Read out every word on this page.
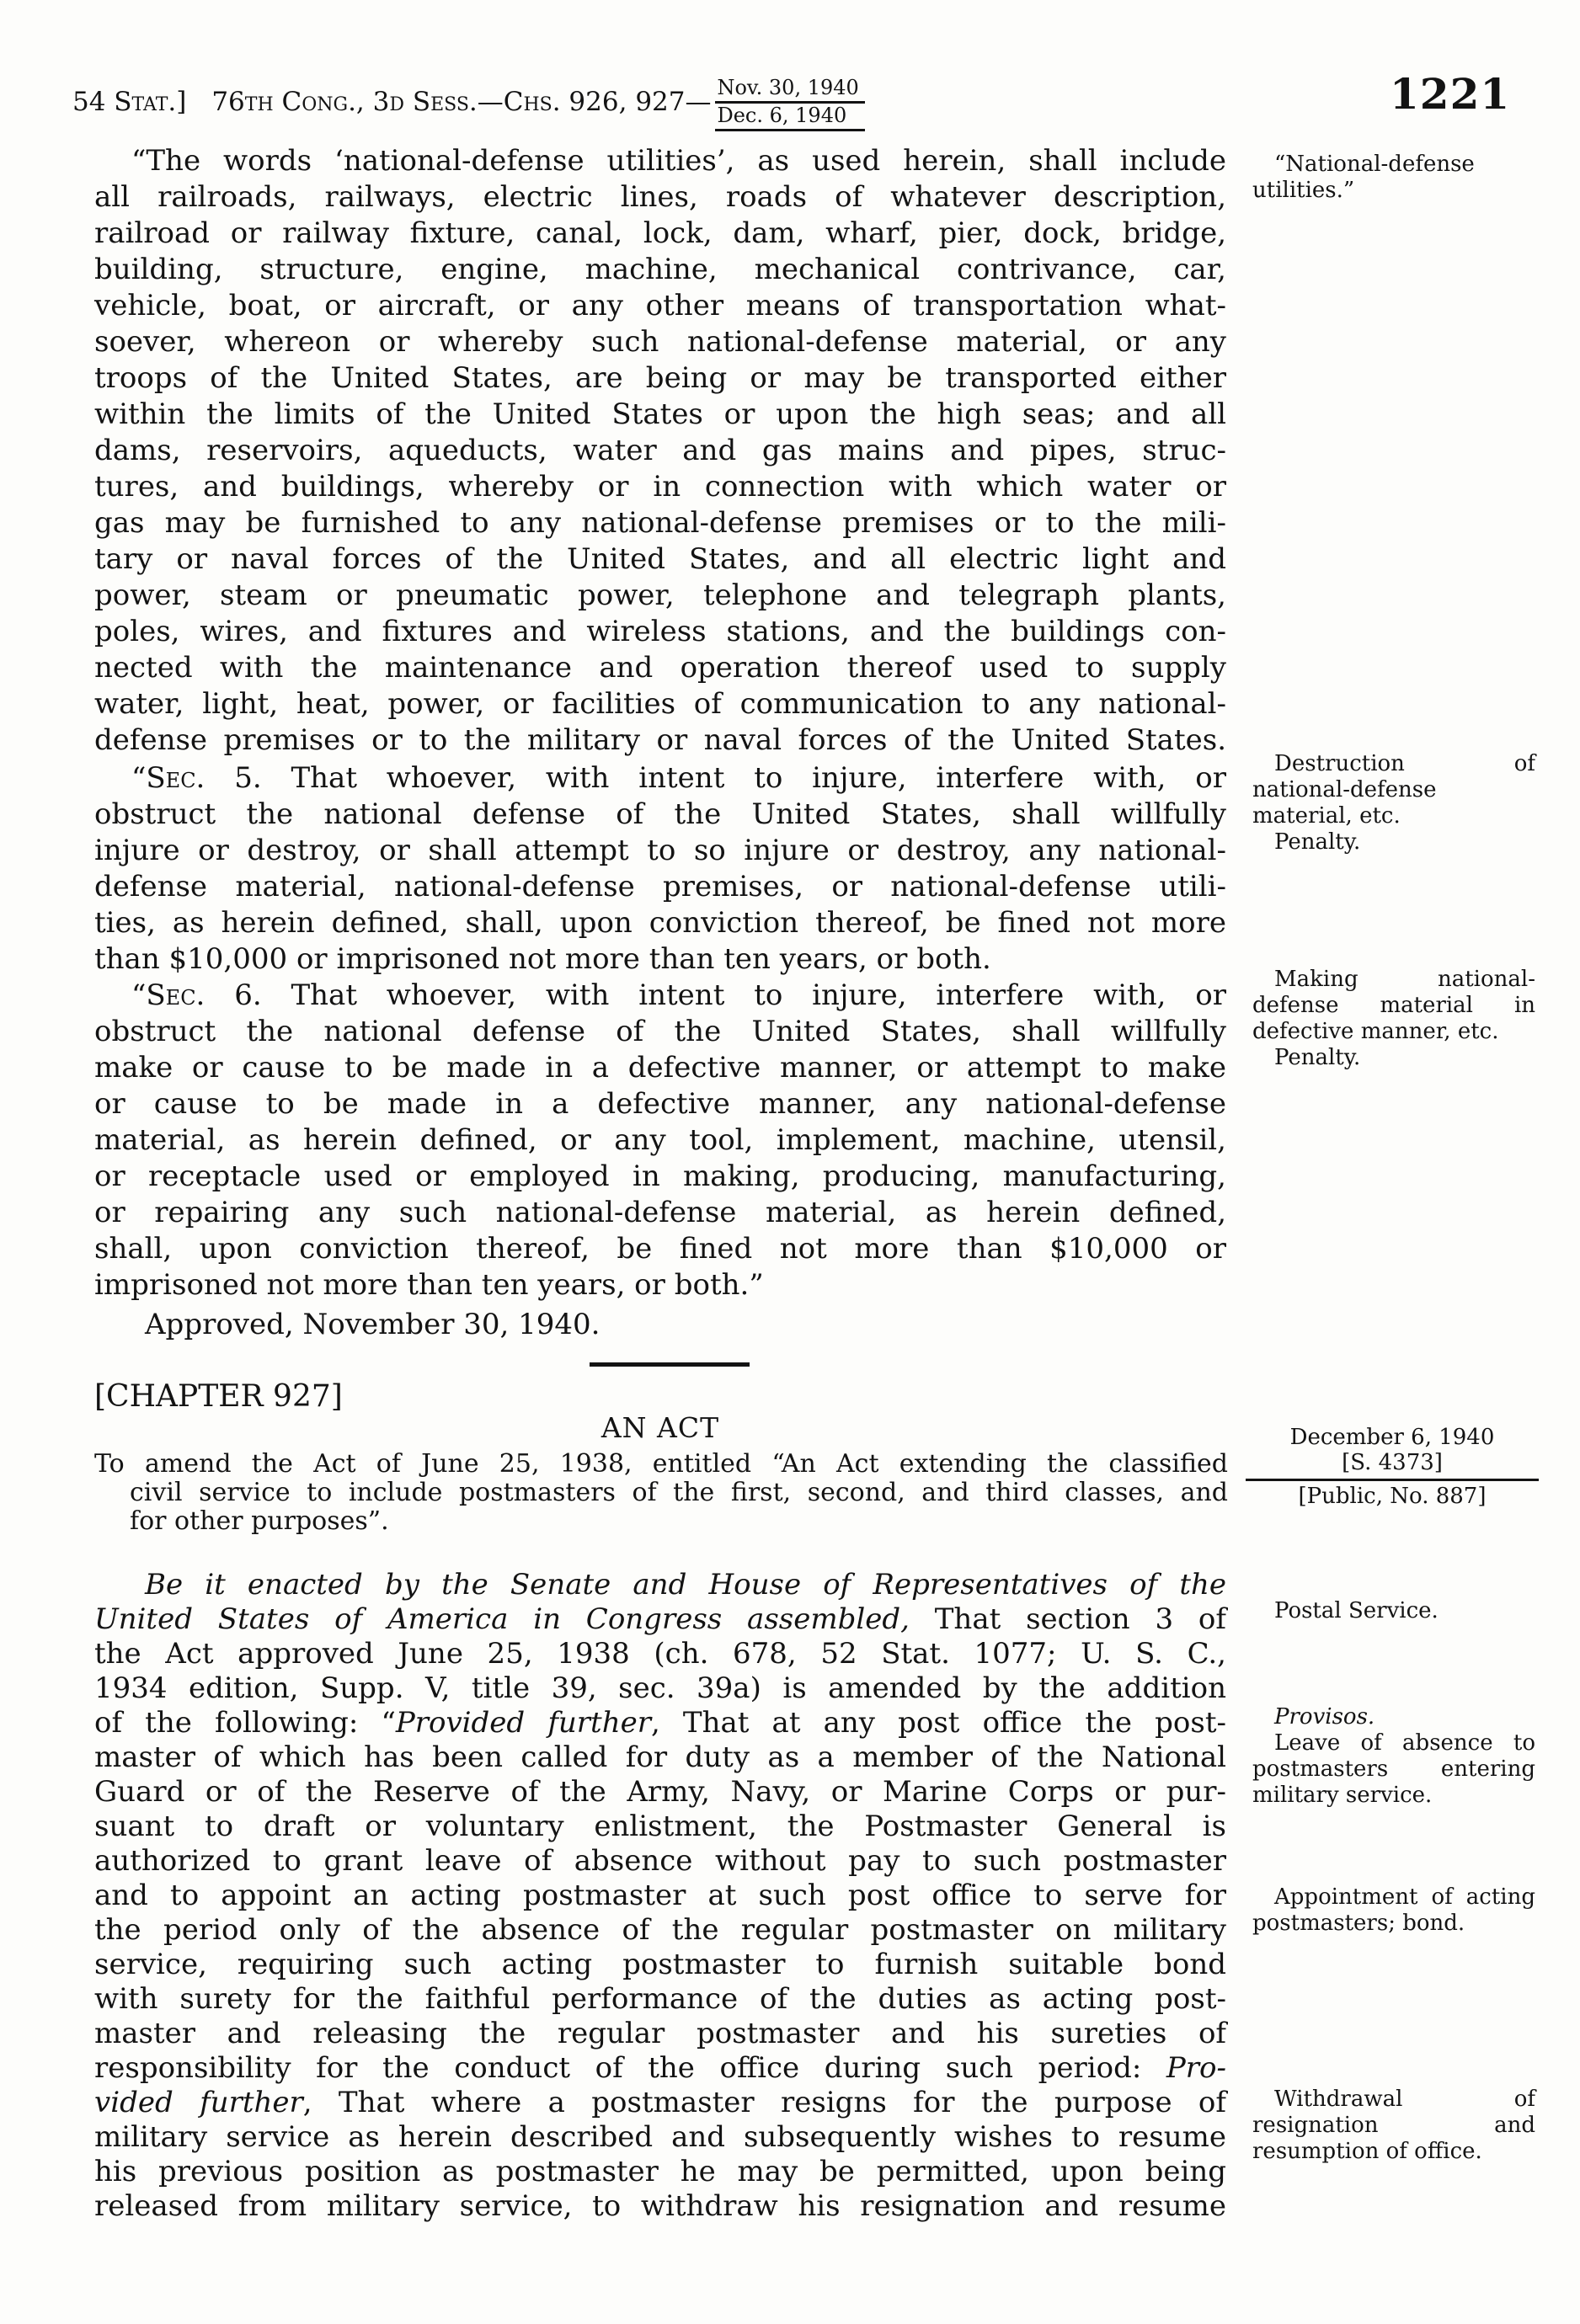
54 Stat.] 76th Cong., 3d Sess.—Chs. 926, 927— Nov. 30, 1940
Dec. 6, 1940	1221
“The words ‘national-defense utilities’, as used herein, shall include
all railroads, railways, electric lines, roads of whatever description,
railroad or railway fixture, canal, lock, dam, wharf, pier, dock, bridge,
building, structure, engine, machine, mechanical contrivance, car,
vehicle, boat, or aircraft, or any other means of transportation what-
soever, whereon or whereby such national-defense material, or any
troops of the United States, are being or may be transported either
within the limits of the United States or upon the high seas; and all
dams, reservoirs, aqueducts, water and gas mains and pipes, struc-
tures, and buildings, whereby or in connection with which water or
gas may be furnished to any national-defense premises or to the mili-
tary or naval forces of the United States, and all electric light and
power, steam or pneumatic power, telephone and telegraph plants,
poles, wires, and fixtures and wireless stations, and the buildings con-
nected with the maintenance and operation thereof used to supply
water, light, heat, power, or facilities of communication to any national-
defense premises or to the military or naval forces of the United States.
“Sec. 5. That whoever, with intent to injure, interfere with, or
obstruct the national defense of the United States, shall willfully
injure or destroy, or shall attempt to so injure or destroy, any national-
defense material, national-defense premises, or national-defense utili-
ties, as herein defined, shall, upon conviction thereof, be fined not more
than $10,000 or imprisoned not more than ten years, or both.
“Sec. 6. That whoever, with intent to injure, interfere with, or
obstruct the national defense of the United States, shall willfully
make or cause to be made in a defective manner, or attempt to make
or cause to be made in a defective manner, any national-defense
material, as herein defined, or any tool, implement, machine, utensil,
or receptacle used or employed in making, producing, manufacturing,
or repairing any such national-defense material, as herein defined,
shall, upon conviction thereof, be fined not more than $10,000 or
imprisoned not more than ten years, or both.”
Approved, November 30, 1940.
[CHAPTER 927]
AN ACT
To amend the Act of June 25, 1938, entitled “An Act extending the classified
civil service to include postmasters of the first, second, and third classes, and
for other purposes”.
Be it enacted by the Senate and House of Representatives of the
United States of America in Congress assembled, That section 3 of
the Act approved June 25, 1938 (ch. 678, 52 Stat. 1077; U. S. C.,
1934 edition, Supp. V, title 39, sec. 39a) is amended by the addition
of the following: “Provided further, That at any post office the post-
master of which has been called for duty as a member of the National
Guard or of the Reserve of the Army, Navy, or Marine Corps or pur-
suant to draft or voluntary enlistment, the Postmaster General is
authorized to grant leave of absence without pay to such postmaster
and to appoint an acting postmaster at such post office to serve for
the period only of the absence of the regular postmaster on military
service, requiring such acting postmaster to furnish suitable bond
with surety for the faithful performance of the duties as acting post-
master and releasing the regular postmaster and his sureties of
responsibility for the conduct of the office during such period: Pro-
vided further, That where a postmaster resigns for the purpose of
military service as herein described and subsequently wishes to resume
his previous position as postmaster he may be permitted, upon being
released from military service, to withdraw his resignation and resume

“National-defense utilities.”

Destruction of national-defense material, etc.

Penalty.

Making national-defense material in defective manner, etc.

Penalty.

December 6, 1940
[S. 4373]
[Public, No. 887]

Postal Service.

Provisos.

Leave of absence to postmasters entering military service.

Appointment of acting postmasters; bond.

Withdrawal of resignation and resumption of office.
